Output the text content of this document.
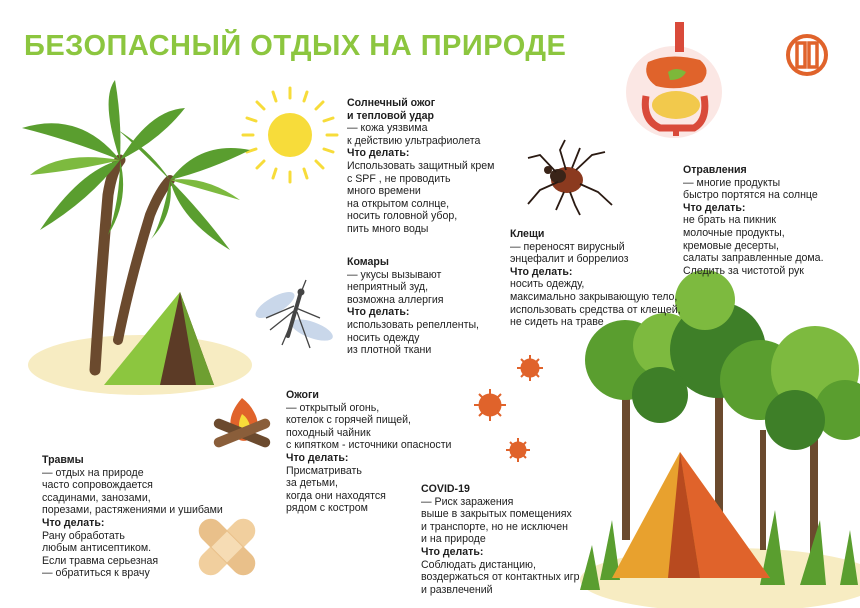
БЕЗОПАСНЫЙ ОТДЫХ НА ПРИРОДЕ
Солнечный ожог
и тепловой удар
— кожа уязвима
к действию ультрафиолета
Что делать:
Использовать защитный крем
с SPF , не проводить
много времени
на открытом солнце,
носить головной убор,
пить много воды
Отравления
— многие продукты
быстро портятся на солнце
Что делать:
не брать на пикник
молочные продукты,
кремовые десерты,
салаты заправленные дома.
Следить за чистотой рук
Клещи
— переносят вирусный
энцефалит и боррелиоз
Что делать:
носить одежду,
максимально закрывающую тело,
использовать средства от клещей,
не сидеть на траве
Комары
— укусы вызывают
неприятный зуд,
возможна аллергия
Что делать:
использовать репелленты,
носить одежду
из плотной ткани
Ожоги
— открытый огонь,
котелок с горячей пищей,
походный чайник
с кипятком - источники опасности
Что делать:
Присматривать
за детьми,
когда они находятся
рядом с костром
Травмы
— отдых на природе
часто сопровождается
ссадинами, занозами,
порезами, растяжениями и ушибами
Что делать:
Рану обработать
любым антисептиком.
Если травма серьезная
— обратиться к врачу
COVID-19
— Риск заражения
выше в закрытых помещениях
и транспорте, но не исключен
и на природе
Что делать:
Соблюдать дистанцию,
воздержаться от контактных игр
и развлечений
